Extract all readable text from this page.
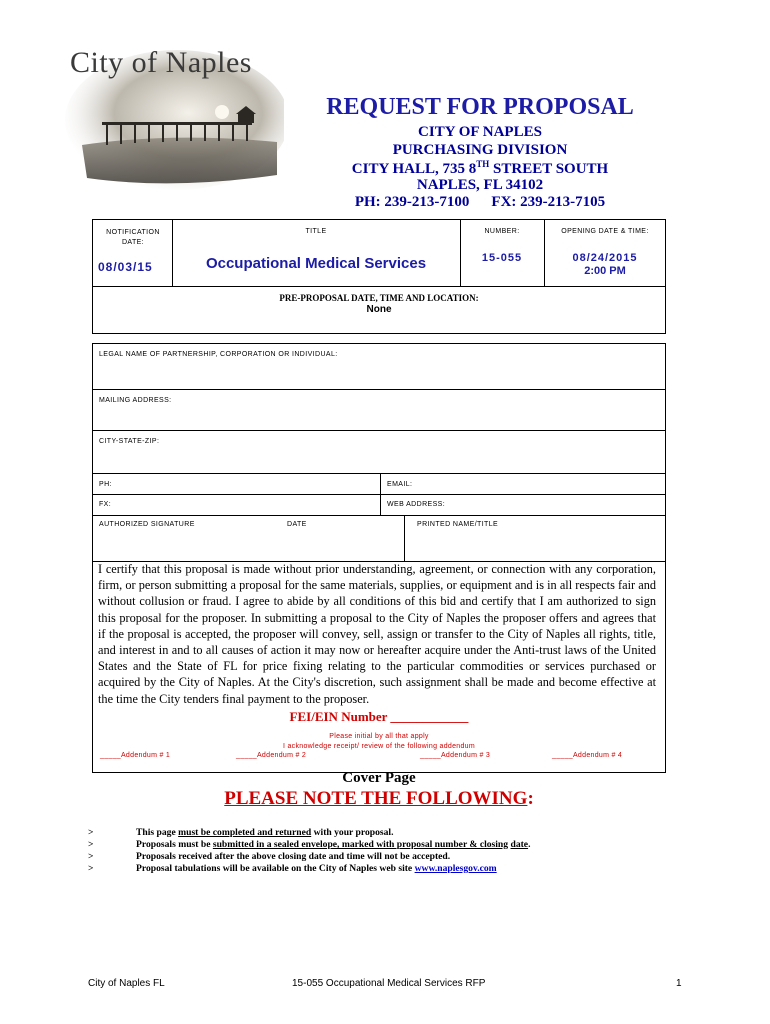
City of Naples
REQUEST FOR PROPOSAL
CITY OF NAPLES
PURCHASING DIVISION
CITY HALL, 735 8TH STREET SOUTH
NAPLES, FL 34102
PH: 239-213-7100 FX: 239-213-7105
NOTIFICATION DATE:
08/03/15
TITLE
Occupational Medical Services
NUMBER:
15-055
OPENING DATE & TIME:
08/24/2015
2:00 PM
PRE-PROPOSAL DATE, TIME AND LOCATION:
None
LEGAL NAME OF PARTNERSHIP, CORPORATION OR INDIVIDUAL:
MAILING ADDRESS:
CITY-STATE-ZIP:
PH:	EMAIL:
FX:	WEB ADDRESS:
AUTHORIZED SIGNATURE	DATE	PRINTED NAME/TITLE
I certify that this proposal is made without prior understanding, agreement, or connection with any corporation, firm, or person submitting a proposal for the same materials, supplies, or equipment and is in all respects fair and without collusion or fraud. I agree to abide by all conditions of this bid and certify that I am authorized to sign this proposal for the proposer. In submitting a proposal to the City of Naples the proposer offers and agrees that if the proposal is accepted, the proposer will convey, sell, assign or transfer to the City of Naples all rights, title, and interest in and to all causes of action it may now or hereafter acquire under the Anti-trust laws of the United States and the State of FL for price fixing relating to the particular commodities or services purchased or acquired by the City of Naples. At the City's discretion, such assignment shall be made and become effective at the time the City tenders final payment to the proposer.
FEI/EIN Number ____________
Please initial by all that apply
I acknowledge receipt/ review of the following addendum
_____Addendum # 1	_____Addendum # 2	_____Addendum # 3	_____Addendum # 4
Cover Page
PLEASE NOTE THE FOLLOWING:
>	This page must be completed and returned with your proposal.
>	Proposals must be submitted in a sealed envelope, marked with proposal number & closing date.
>	Proposals received after the above closing date and time will not be accepted.
>	Proposal tabulations will be available on the City of Naples web site www.naplesgov.com
City of Naples FL	15-055 Occupational Medical Services RFP	1
